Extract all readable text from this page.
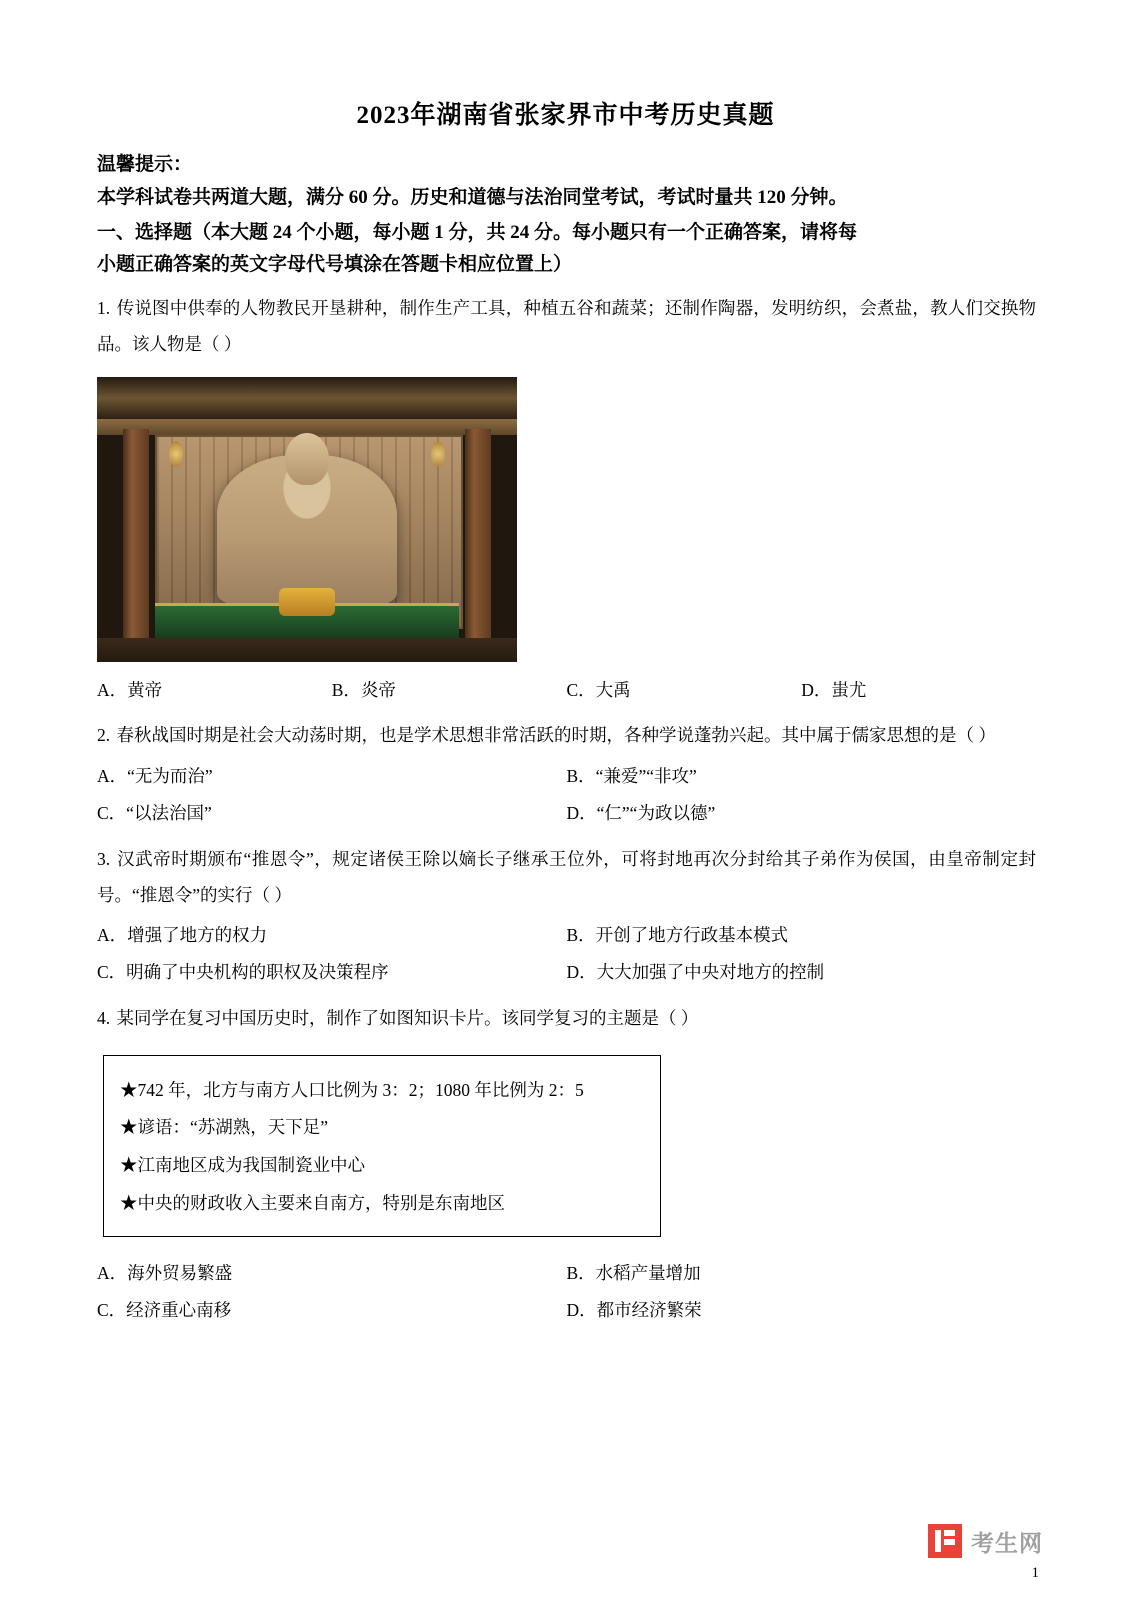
2023年湖南省张家界市中考历史真题
温馨提示：
本学科试卷共两道大题，满分 60 分。历史和道德与法治同堂考试，考试时量共 120 分钟。
一、选择题（本大题 24 个小题，每小题 1 分，共 24 分。每小题只有一个正确答案，请将每
小题正确答案的英文字母代号填涂在答题卡相应位置上）
1. 传说图中供奉的人物教民开垦耕种，制作生产工具，种植五谷和蔬菜；还制作陶器，发明纺织，会煮盐，教人们交换物品。该人物是（ ）
A．黄帝	B．炎帝	C．大禹	D．蚩尤
2. 春秋战国时期是社会大动荡时期，也是学术思想非常活跃的时期，各种学说蓬勃兴起。其中属于儒家思想的是（ ）
A．“无为而治”	B．“兼爱”“非攻”
C．“以法治国”	D．“仁”“为政以德”
3. 汉武帝时期颁布“推恩令”，规定诸侯王除以嫡长子继承王位外，可将封地再次分封给其子弟作为侯国，由皇帝制定封号。“推恩令”的实行（ ）
A．增强了地方的权力	B．开创了地方行政基本模式
C．明确了中央机构的职权及决策程序	D．大大加强了中央对地方的控制
4. 某同学在复习中国历史时，制作了如图知识卡片。该同学复习的主题是（ ）
★742 年，北方与南方人口比例为 3：2；1080 年比例为 2：5
★谚语：“苏湖熟，天下足”
★江南地区成为我国制瓷业中心
★中央的财政收入主要来自南方，特别是东南地区
A．海外贸易繁盛	B．水稻产量增加
C．经济重心南移	D．都市经济繁荣
考生网
1
